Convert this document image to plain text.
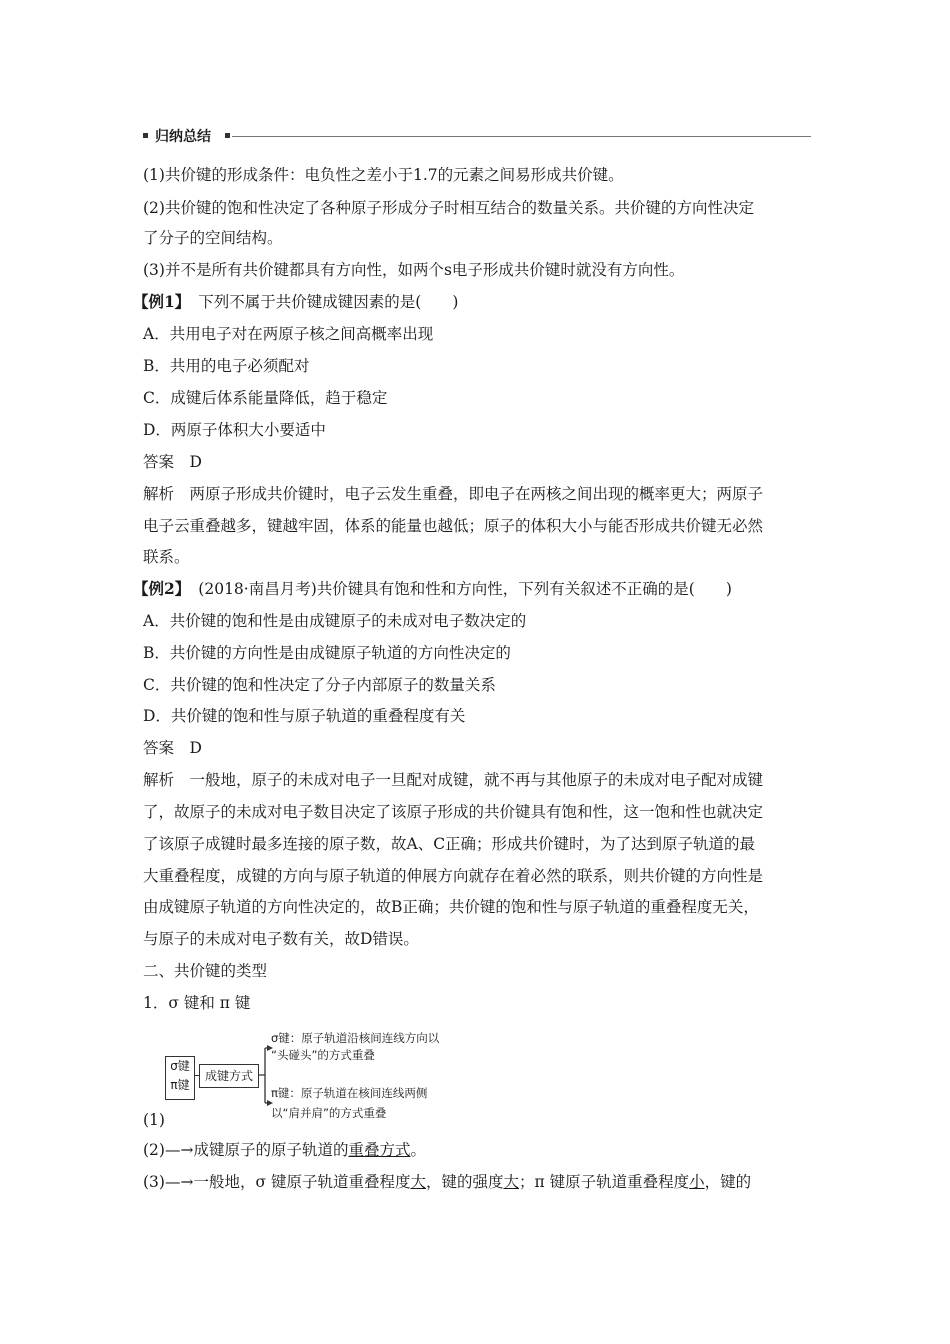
归纳总结
(1)共价键的形成条件：电负性之差小于1.7的元素之间易形成共价键。
(2)共价键的饱和性决定了各种原子形成分子时相互结合的数量关系。共价键的方向性决定
了分子的空间结构。
(3)并不是所有共价键都具有方向性，如两个s电子形成共价键时就没有方向性。
【例1】 下列不属于共价键成键因素的是(　　)
A．共用电子对在两原子核之间高概率出现
B．共用的电子必须配对
C．成键后体系能量降低，趋于稳定
D．两原子体积大小要适中
答案　D
解析　两原子形成共价键时，电子云发生重叠，即电子在两核之间出现的概率更大；两原子
电子云重叠越多，键越牢固，体系的能量也越低；原子的体积大小与能否形成共价键无必然
联系。
【例2】 (2018·南昌月考)共价键具有饱和性和方向性，下列有关叙述不正确的是(　　)
A．共价键的饱和性是由成键原子的未成对电子数决定的
B．共价键的方向性是由成键原子轨道的方向性决定的
C．共价键的饱和性决定了分子内部原子的数量关系
D．共价键的饱和性与原子轨道的重叠程度有关
答案　D
解析　一般地，原子的未成对电子一旦配对成键，就不再与其他原子的未成对电子配对成键
了，故原子的未成对电子数目决定了该原子形成的共价键具有饱和性，这一饱和性也就决定
了该原子成键时最多连接的原子数，故A、C正确；形成共价键时，为了达到原子轨道的最
大重叠程度，成键的方向与原子轨道的伸展方向就存在着必然的联系，则共价键的方向性是
由成键原子轨道的方向性决定的，故B正确；共价键的饱和性与原子轨道的重叠程度无关，
与原子的未成对电子数有关，故D错误。
二、共价键的类型
1．σ 键和 π 键
σ键
π键
成键方式
σ键：原子轨道沿核间连线方向以
“头碰头”的方式重叠
π键：原子轨道在核间连线两侧
以“肩并肩”的方式重叠
(1)
(2)—→成键原子的原子轨道的重叠方式。
(3)—→一般地，σ 键原子轨道重叠程度大，键的强度大；π 键原子轨道重叠程度小，键的
